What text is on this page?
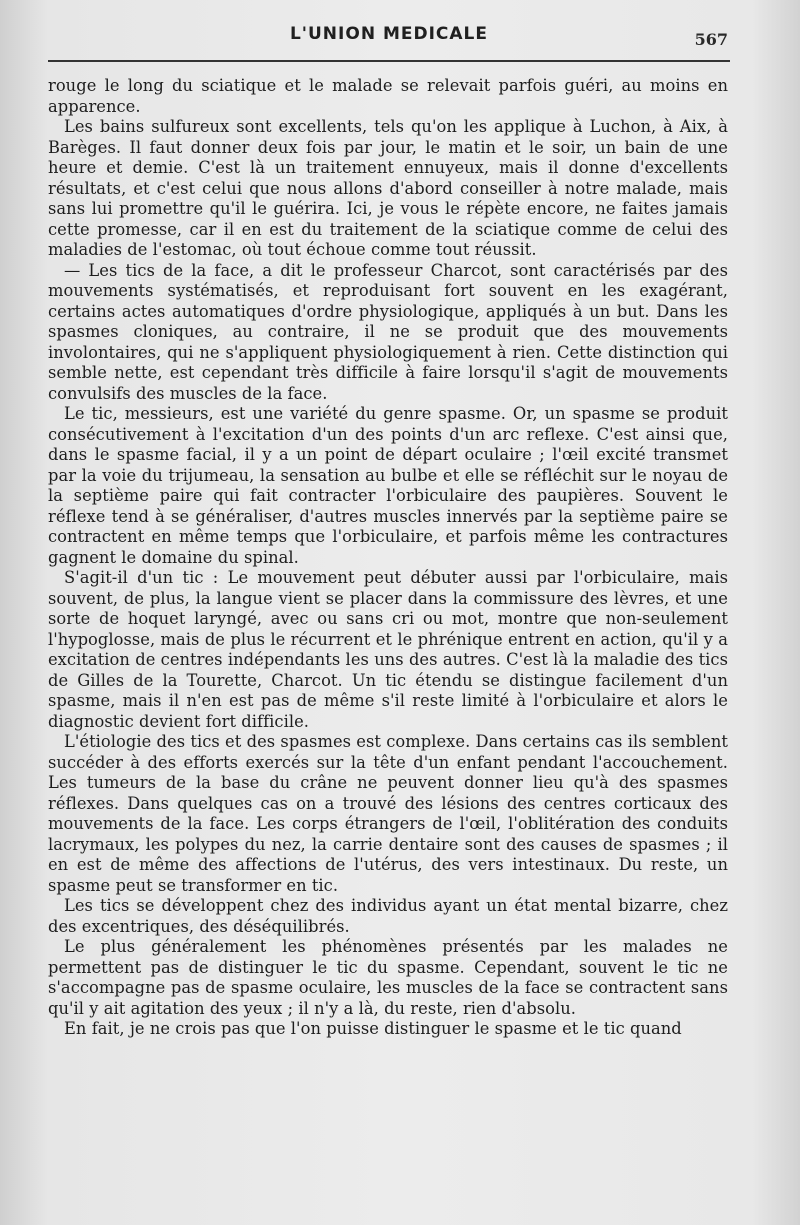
L'UNION MEDICALE	567

rouge le long du sciatique et le malade se relevait parfois guéri, au moins en apparence.

Les bains sulfureux sont excellents, tels qu'on les applique à Luchon, à Aix, à Barèges. Il faut donner deux fois par jour, le matin et le soir, un bain de une heure et demie. C'est là un traitement ennuyeux, mais il donne d'excellents résultats, et c'est celui que nous allons d'abord conseiller à notre malade, mais sans lui promettre qu'il le guérira. Ici, je vous le répète encore, ne faites jamais cette promesse, car il en est du traitement de la sciatique comme de celui des maladies de l'estomac, où tout échoue comme tout réussit.

— Les tics de la face, a dit le professeur Charcot, sont caractérisés par des mouvements systématisés, et reproduisant fort souvent en les exagérant, certains actes automatiques d'ordre physiologique, appliqués à un but. Dans les spasmes cloniques, au contraire, il ne se produit que des mouvements involontaires, qui ne s'appliquent physiologiquement à rien. Cette distinction qui semble nette, est cependant très difficile à faire lorsqu'il s'agit de mouvements convulsifs des muscles de la face.

Le tic, messieurs, est une variété du genre spasme. Or, un spasme se produit consécutivement à l'excitation d'un des points d'un arc reflexe. C'est ainsi que, dans le spasme facial, il y a un point de départ oculaire ; l'œil excité transmet par la voie du trijumeau, la sensation au bulbe et elle se réfléchit sur le noyau de la septième paire qui fait contracter l'orbiculaire des paupières. Souvent le réflexe tend à se généraliser, d'autres muscles innervés par la septième paire se contractent en même temps que l'orbiculaire, et parfois même les contractures gagnent le domaine du spinal.

S'agit-il d'un tic : Le mouvement peut débuter aussi par l'orbiculaire, mais souvent, de plus, la langue vient se placer dans la commissure des lèvres, et une sorte de hoquet laryngé, avec ou sans cri ou mot, montre que non-seulement l'hypoglosse, mais de plus le récurrent et le phrénique entrent en action, qu'il y a excitation de centres indépendants les uns des autres. C'est là la maladie des tics de Gilles de la Tourette, Charcot. Un tic étendu se distingue facilement d'un spasme, mais il n'en est pas de même s'il reste limité à l'orbiculaire et alors le diagnostic devient fort difficile.

L'étiologie des tics et des spasmes est complexe. Dans certains cas ils semblent succéder à des efforts exercés sur la tête d'un enfant pendant l'accouchement. Les tumeurs de la base du crâne ne peuvent donner lieu qu'à des spasmes réflexes. Dans quelques cas on a trouvé des lésions des centres corticaux des mouvements de la face. Les corps étrangers de l'œil, l'oblitération des conduits lacrymaux, les polypes du nez, la carrie dentaire sont des causes de spasmes ; il en est de même des affections de l'utérus, des vers intestinaux. Du reste, un spasme peut se transformer en tic.

Les tics se développent chez des individus ayant un état mental bizarre, chez des excentriques, des déséquilibrés.

Le plus généralement les phénomènes présentés par les malades ne permettent pas de distinguer le tic du spasme. Cependant, souvent le tic ne s'accompagne pas de spasme oculaire, les muscles de la face se contractent sans qu'il y ait agitation des yeux ; il n'y a là, du reste, rien d'absolu.

En fait, je ne crois pas que l'on puisse distinguer le spasme et le tic quand
